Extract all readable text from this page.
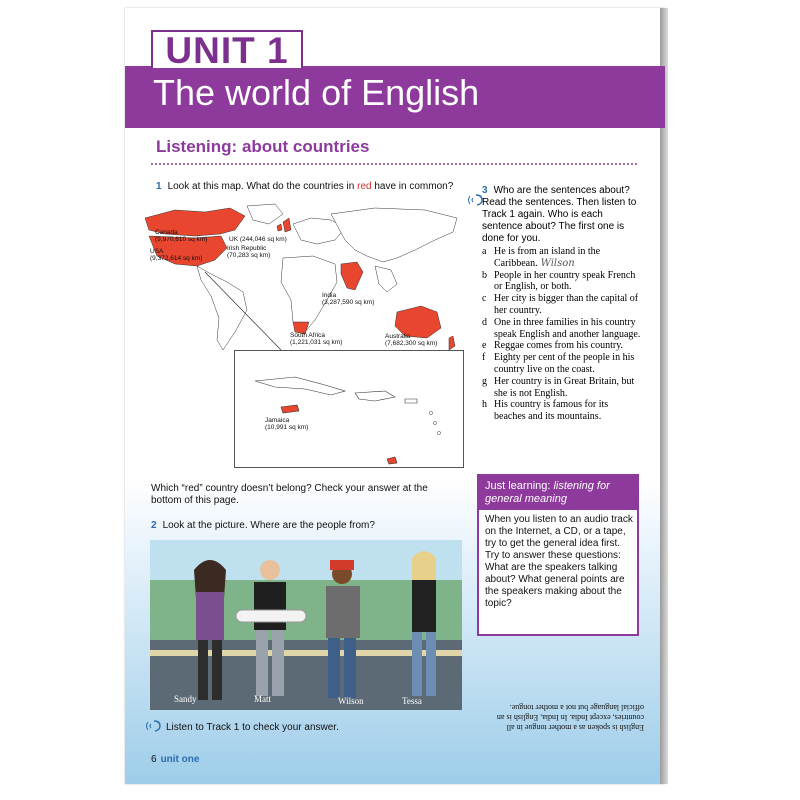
The world of English
UNIT 1
Listening: about countries
1 Look at this map. What do the countries in red have in common?
Canada
(9,970,610 sq km)
USA
(9,372,614 sq km)
UK (244,046 sq km)
Irish Republic
(70,283 sq km)
India
(3,287,590 sq km)
South Africa
(1,221,031 sq km)
Australia
(7,682,300 sq km)
Jamaica
(10,991 sq km)
Which “red” country doesn’t belong? Check your answer at the bottom of this page.
2 Look at the picture. Where are the people from?
Sandy	Matt	Wilson	Tessa
Listen to Track 1 to check your answer.
3 Who are the sentences about? Read the sentences. Then listen to Track 1 again. Who is each sentence about? The first one is done for you.
a He is from an island in the Caribbean. Wilson
b People in her country speak French or English, or both.
c Her city is bigger than the capital of her country.
d One in three families in his country speak English and another language.
e Reggae comes from his country.
f Eighty per cent of the people in his country live on the coast.
g Her country is in Great Britain, but she is not English.
h His country is famous for its beaches and its mountains.
Just learning: listening for general meaning
When you listen to an audio track on the Internet, a CD, or a tape, try to get the general idea first. Try to answer these questions: What are the speakers talking about? What general points are the speakers making about the topic?
English is spoken as a mother tongue in all countries, except India. In India, English is an official language but not a mother tongue.
6 unit one
